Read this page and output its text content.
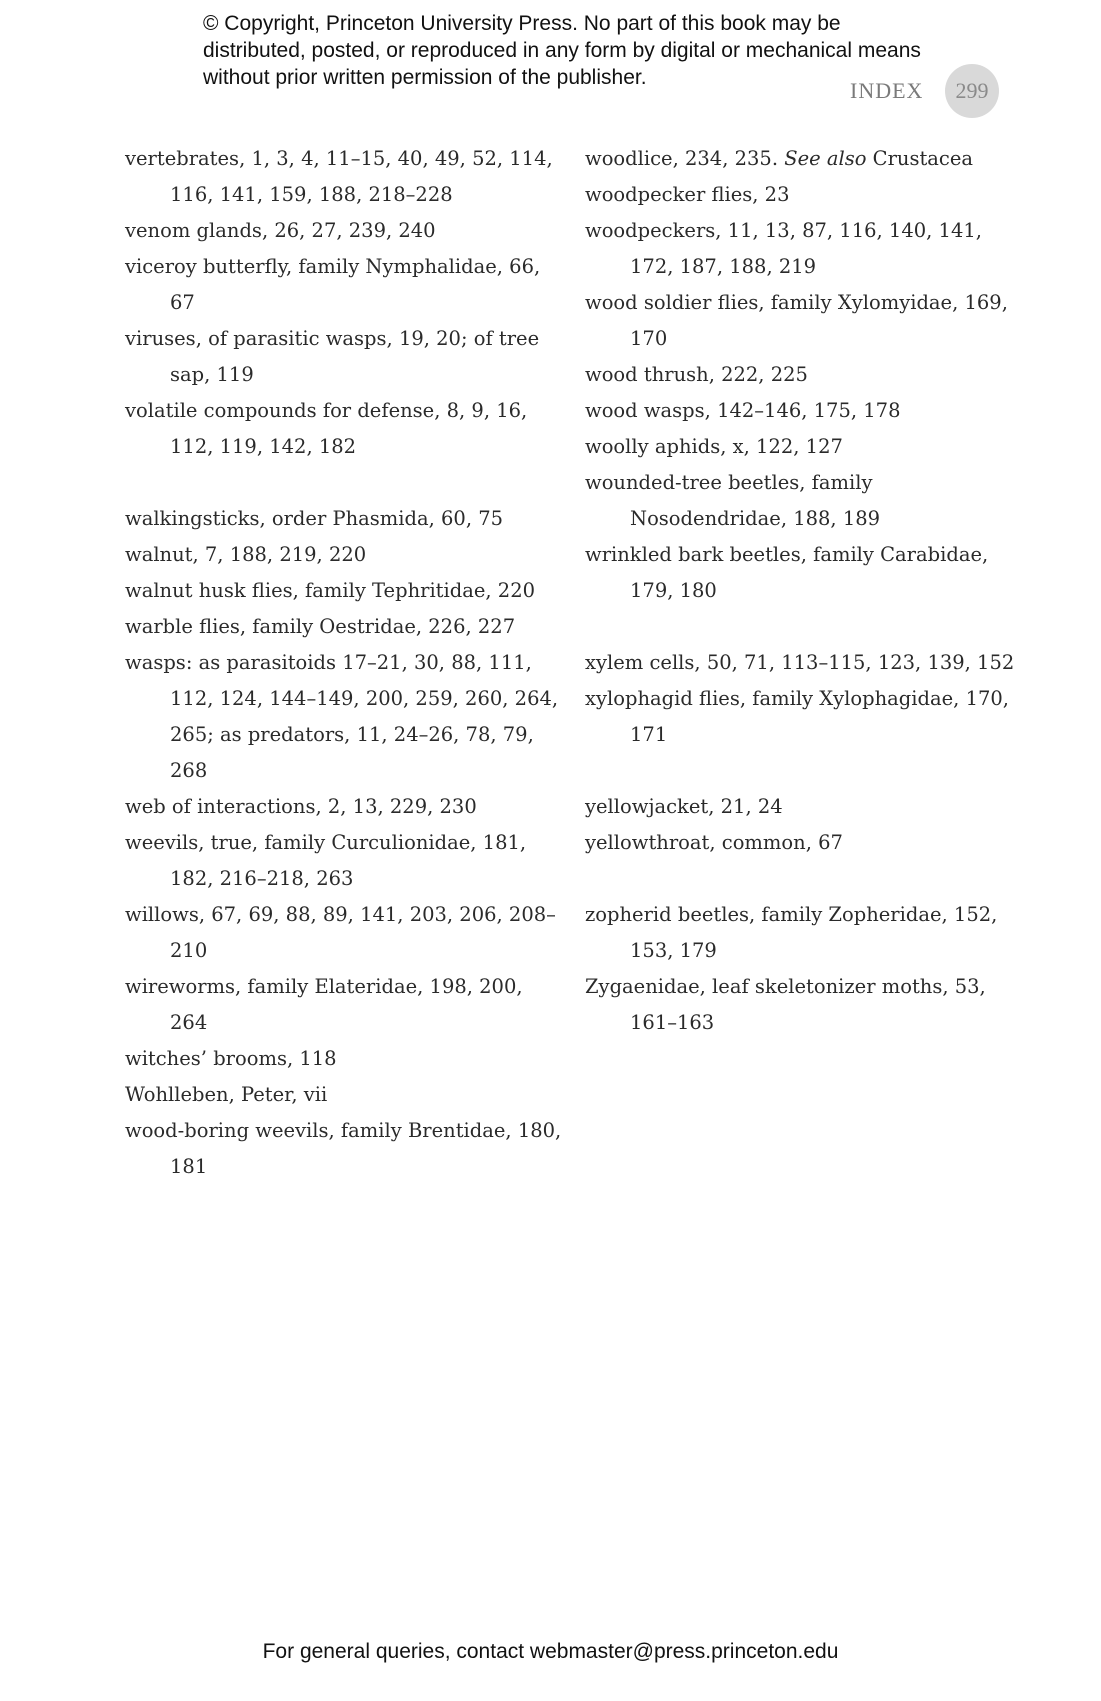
© Copyright, Princeton University Press. No part of this book may be distributed, posted, or reproduced in any form by digital or mechanical means without prior written permission of the publisher.
INDEX	299
vertebrates, 1, 3, 4, 11–15, 40, 49, 52, 114, 116, 141, 159, 188, 218–228
venom glands, 26, 27, 239, 240
viceroy butterfly, family Nymphalidae, 66, 67
viruses, of parasitic wasps, 19, 20; of tree sap, 119
volatile compounds for defense, 8, 9, 16, 112, 119, 142, 182
walkingsticks, order Phasmida, 60, 75
walnut, 7, 188, 219, 220
walnut husk flies, family Tephritidae, 220
warble flies, family Oestridae, 226, 227
wasps: as parasitoids 17–21, 30, 88, 111, 112, 124, 144–149, 200, 259, 260, 264, 265; as predators, 11, 24–26, 78, 79, 268
web of interactions, 2, 13, 229, 230
weevils, true, family Curculionidae, 181, 182, 216–218, 263
willows, 67, 69, 88, 89, 141, 203, 206, 208–210
wireworms, family Elateridae, 198, 200, 264
witches’ brooms, 118
Wohlleben, Peter, vii
wood-boring weevils, family Brentidae, 180, 181
woodlice, 234, 235. See also Crustacea
woodpecker flies, 23
woodpeckers, 11, 13, 87, 116, 140, 141, 172, 187, 188, 219
wood soldier flies, family Xylomyidae, 169, 170
wood thrush, 222, 225
wood wasps, 142–146, 175, 178
woolly aphids, x, 122, 127
wounded-tree beetles, family Nosodendridae, 188, 189
wrinkled bark beetles, family Carabidae, 179, 180
xylem cells, 50, 71, 113–115, 123, 139, 152
xylophagid flies, family Xylophagidae, 170, 171
yellowjacket, 21, 24
yellowthroat, common, 67
zopherid beetles, family Zopheridae, 152, 153, 179
Zygaenidae, leaf skeletonizer moths, 53, 161–163
For general queries, contact webmaster@press.princeton.edu
